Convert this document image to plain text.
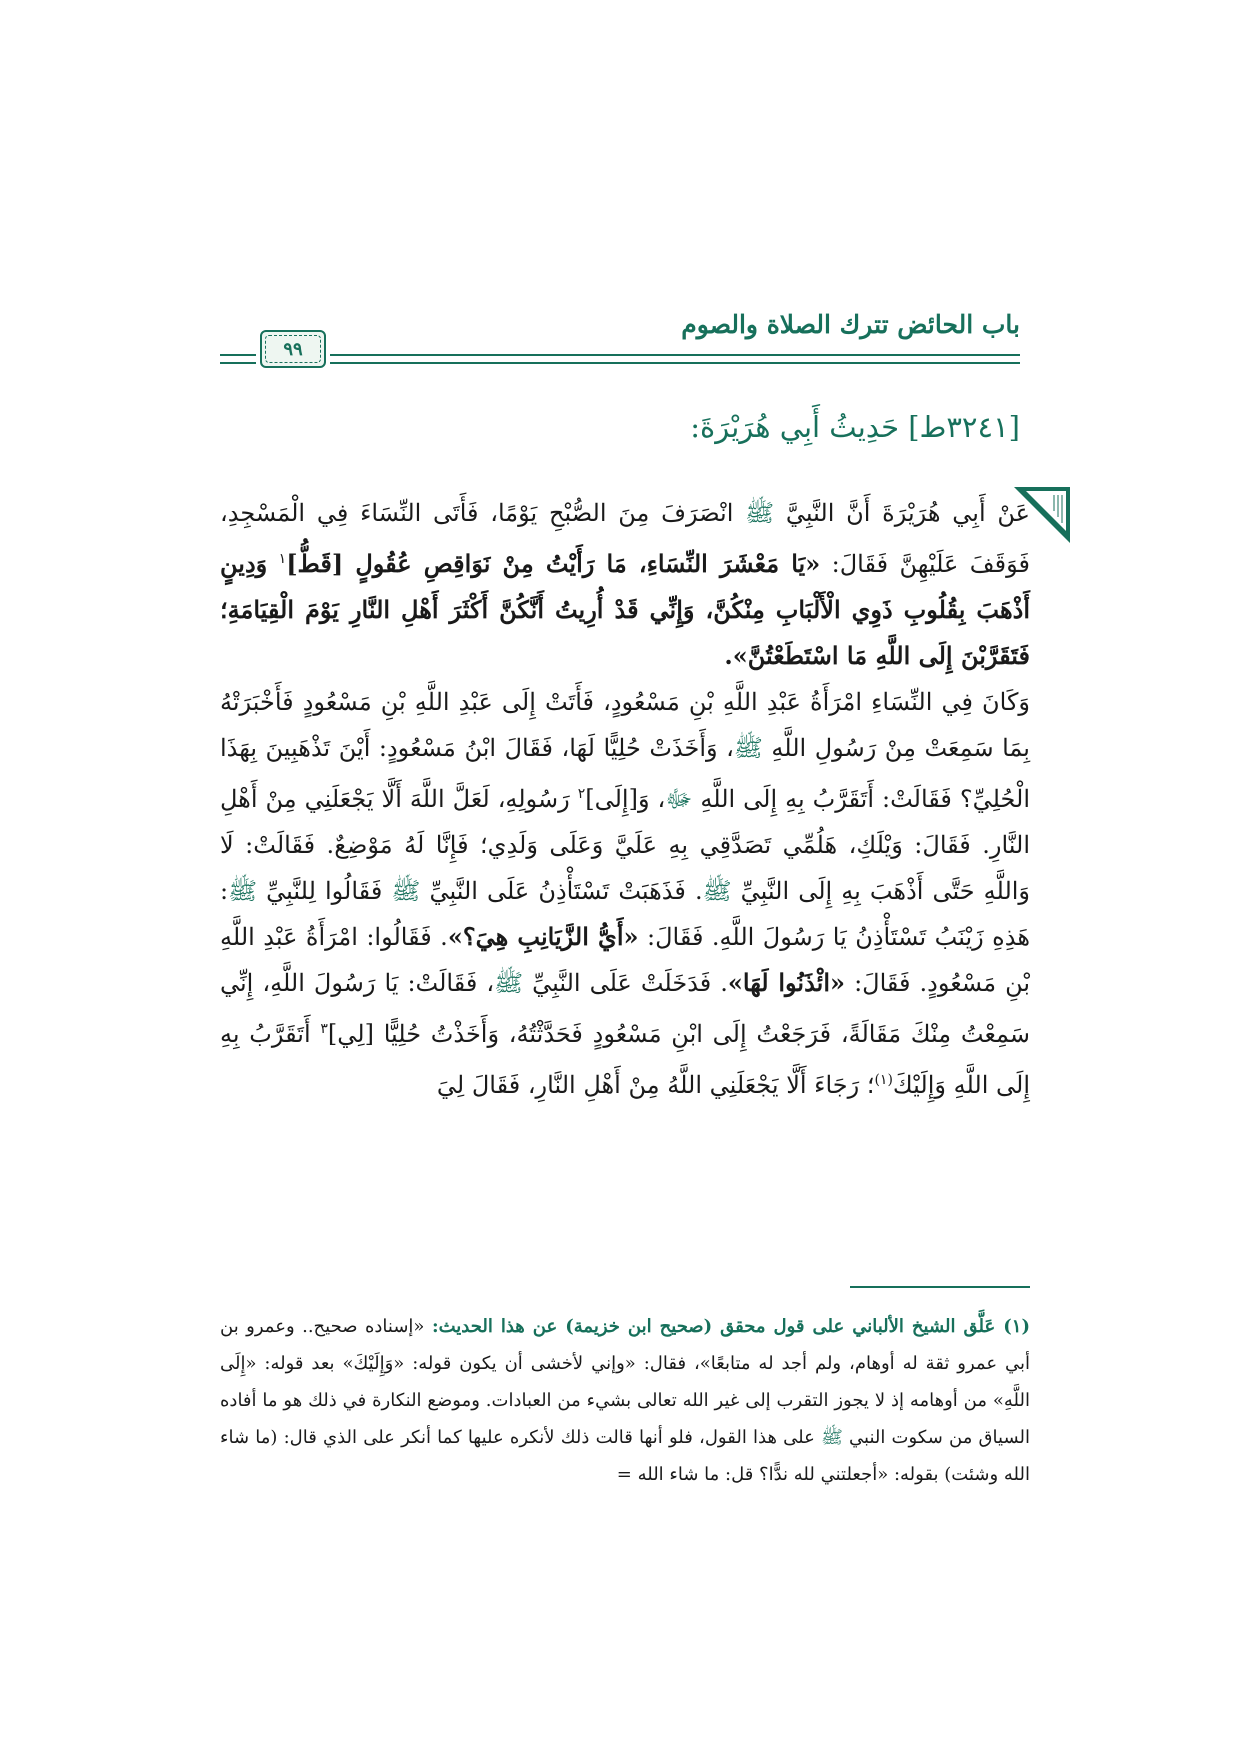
باب الحائض تترك الصلاة والصوم
٩٩
[٣٢٤١ط] حَدِيثُ أَبِي هُرَيْرَةَ:

عَنْ أَبِي هُرَيْرَةَ أَنَّ النَّبِيَّ ﷺ انْصَرَفَ مِنَ الصُّبْحِ يَوْمًا، فَأَتَى النِّسَاءَ فِي الْمَسْجِدِ، فَوَقَفَ عَلَيْهِنَّ فَقَالَ: «يَا مَعْشَرَ النِّسَاءِ، مَا رَأَيْتُ مِنْ نَوَاقِصِ عُقُولٍ [قَطُّ]$^١$ وَدِينٍ أَذْهَبَ بِقُلُوبِ ذَوِي الْأَلْبَابِ مِنْكُنَّ، وَإِنِّي قَدْ أُرِيتُ أَنَّكُنَّ أَكْثَرَ أَهْلِ النَّارِ يَوْمَ الْقِيَامَةِ؛ فَتَقَرَّبْنَ إِلَى اللَّهِ مَا اسْتَطَعْتُنَّ».

وَكَانَ فِي النِّسَاءِ امْرَأَةُ عَبْدِ اللَّهِ بْنِ مَسْعُودٍ، فَأَتَتْ إِلَى عَبْدِ اللَّهِ بْنِ مَسْعُودٍ فَأَخْبَرَتْهُ بِمَا سَمِعَتْ مِنْ رَسُولِ اللَّهِ ﷺ، وَأَخَذَتْ حُلِيًّا لَهَا، فَقَالَ ابْنُ مَسْعُودٍ: أَيْنَ تَذْهَبِينَ بِهَذَا الْحُلِيِّ؟ فَقَالَتْ: أَتَقَرَّبُ بِهِ إِلَى اللَّهِ ﷻ، وَ[إِلَى]$^٢$ رَسُولِهِ، لَعَلَّ اللَّهَ أَلَّا يَجْعَلَنِي مِنْ أَهْلِ النَّارِ. فَقَالَ: وَيْلَكِ، هَلُمِّي تَصَدَّقِي بِهِ عَلَيَّ وَعَلَى وَلَدِي؛ فَإِنَّا لَهُ مَوْضِعٌ. فَقَالَتْ: لَا وَاللَّهِ حَتَّى أَذْهَبَ بِهِ إِلَى النَّبِيِّ ﷺ. فَذَهَبَتْ تَسْتَأْذِنُ عَلَى النَّبِيِّ ﷺ فَقَالُوا لِلنَّبِيِّ ﷺ: هَذِهِ زَيْنَبُ تَسْتَأْذِنُ يَا رَسُولَ اللَّهِ. فَقَالَ: «أَيُّ الزَّيَانِبِ هِيَ؟». فَقَالُوا: امْرَأَةُ عَبْدِ اللَّهِ بْنِ مَسْعُودٍ. فَقَالَ: «ائْذَنُوا لَهَا». فَدَخَلَتْ عَلَى النَّبِيِّ ﷺ، فَقَالَتْ: يَا رَسُولَ اللَّهِ، إِنِّي سَمِعْتُ مِنْكَ مَقَالَةً، فَرَجَعْتُ إِلَى ابْنِ مَسْعُودٍ فَحَدَّثْتُهُ، وَأَخَذْتُ حُلِيًّا [لِي]$^٣$ أَتَقَرَّبُ بِهِ إِلَى اللَّهِ وَإِلَيْكَ$^{(١)}$؛ رَجَاءَ أَلَّا يَجْعَلَنِي اللَّهُ مِنْ أَهْلِ النَّارِ، فَقَالَ لِيَ

(١) عَلَّق الشيخ الألباني على قول محقق (صحيح ابن خزيمة) عن هذا الحديث: «إسناده صحيح.. وعمرو بن أبي عمرو ثقة له أوهام، ولم أجد له متابعًا»، فقال: «وإني لأخشى أن يكون قوله: «وَإِلَيْكَ» بعد قوله: «إِلَى اللَّهِ» من أوهامه إذ لا يجوز التقرب إلى غير الله تعالى بشيء من العبادات. وموضع النكارة في ذلك هو ما أفاده السياق من سكوت النبي ﷺ على هذا القول، فلو أنها قالت ذلك لأنكره عليها كما أنكر على الذي قال: (ما شاء الله وشئت) بقوله: «أجعلتني لله ندًّا؟ قل: ما شاء الله =
